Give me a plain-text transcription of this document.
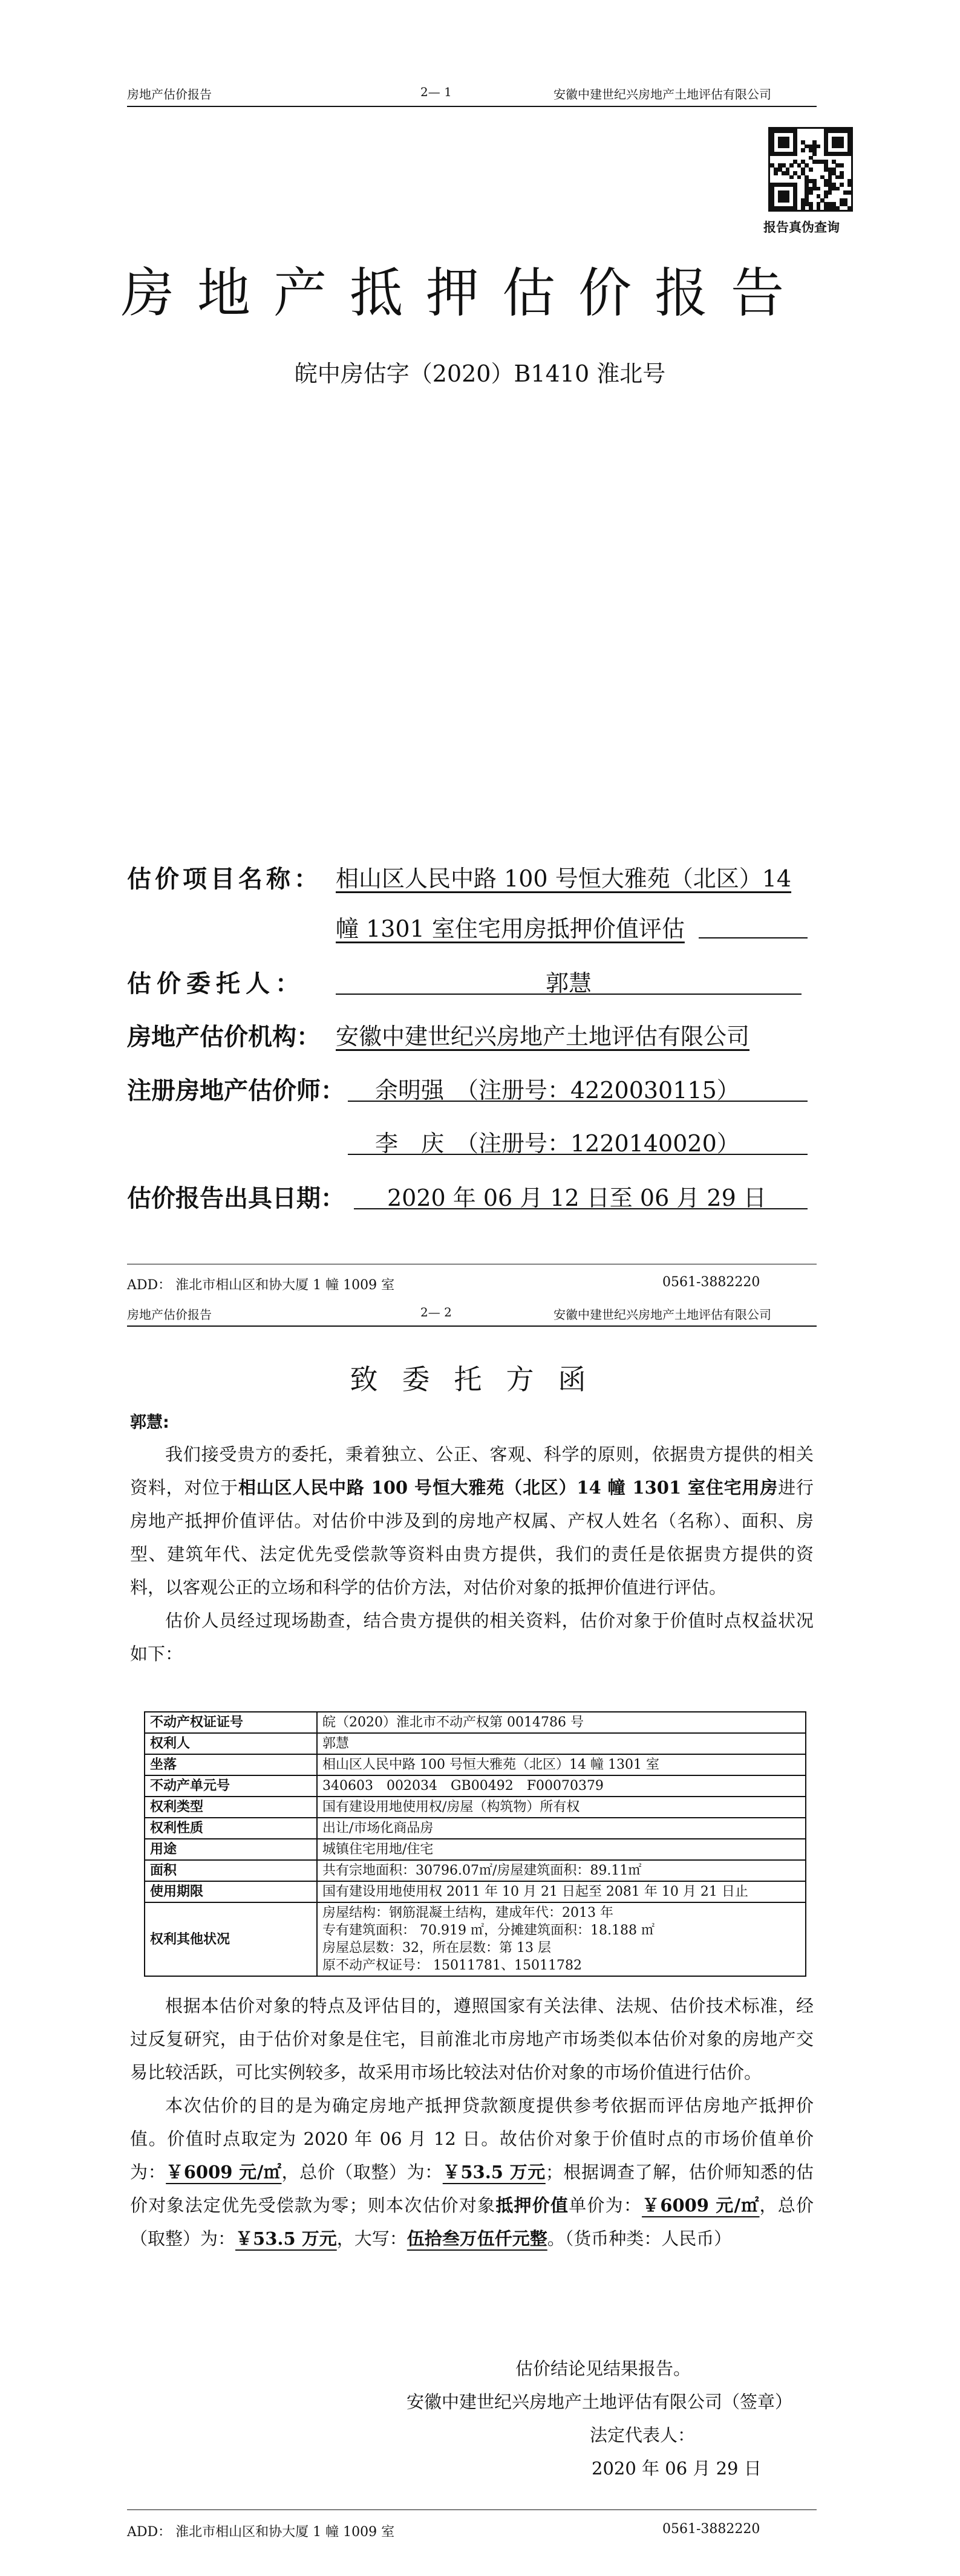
房地产估价报告	2— 1	安徽中建世纪兴房地产土地评估有限公司
报告真伪查询
房地产抵押估价报告
皖中房估字（2020）B1410 淮北号
估价项目名称： 相山区人民中路 100 号恒大雅苑（北区）14
幢 1301 室住宅用房抵押价值评估
估价委托人：	郭慧
房地产估价机构： 安徽中建世纪兴房地产土地评估有限公司
注册房地产估价师： 余明强　（注册号：4220030115）
李　庆　（注册号：1220140020）
估价报告出具日期： 2020 年 06 月 12 日至 06 月 29 日
ADD： 淮北市相山区和协大厦 1 幢 1009 室	0561-3882220
房地产估价报告	2— 2	安徽中建世纪兴房地产土地评估有限公司
致委托方函
郭慧:

我们接受贵方的委托，秉着独立、公正、客观、科学的原则，依据贵方提供的相关资料，对位于相山区人民中路 100 号恒大雅苑（北区）14 幢 1301 室住宅用房进行房地产抵押价值评估。对估价中涉及到的房地产权属、产权人姓名（名称）、面积、房型、建筑年代、法定优先受偿款等资料由贵方提供，我们的责任是依据贵方提供的资料，以客观公正的立场和科学的估价方法，对估价对象的抵押价值进行评估。

估价人员经过现场勘查，结合贵方提供的相关资料，估价对象于价值时点权益状况如下：

不动产权证证号	皖（2020）淮北市不动产权第 0014786 号
权利人	郭慧
坐落	相山区人民中路 100 号恒大雅苑（北区）14 幢 1301 室
不动产单元号	340603　002034　GB00492　F00070379
权利类型	国有建设用地使用权/房屋（构筑物）所有权
权利性质	出让/市场化商品房
用途	城镇住宅用地/住宅
面积	共有宗地面积：30796.07㎡/房屋建筑面积：89.11㎡
使用期限	国有建设用地使用权 2011 年 10 月 21 日起至 2081 年 10 月 21 日止
权利其他状况	房屋结构：钢筋混凝土结构，建成年代：2013 年
专有建筑面积： 70.919 ㎡，分摊建筑面积：18.188 ㎡
房屋总层数：32，所在层数：第 13 层
原不动产权证号： 15011781、15011782

根据本估价对象的特点及评估目的，遵照国家有关法律、法规、估价技术标准，经过反复研究，由于估价对象是住宅，目前淮北市房地产市场类似本估价对象的房地产交易比较活跃，可比实例较多，故采用市场比较法对估价对象的市场价值进行估价。

本次估价的目的是为确定房地产抵押贷款额度提供参考依据而评估房地产抵押价值。价值时点取定为 2020 年 06 月 12 日。故估价对象于价值时点的市场价值单价为：￥6009 元/㎡，总价（取整）为：￥53.5 万元；根据调查了解，估价师知悉的估价对象法定优先受偿款为零；则本次估价对象抵押价值单价为：￥6009 元/㎡，总价（取整）为：￥53.5 万元，大写：伍拾叁万伍仟元整。（货币种类：人民币）

估价结论见结果报告。
安徽中建世纪兴房地产土地评估有限公司（签章）
法定代表人：
2020 年 06 月 29 日
ADD： 淮北市相山区和协大厦 1 幢 1009 室	0561-3882220
